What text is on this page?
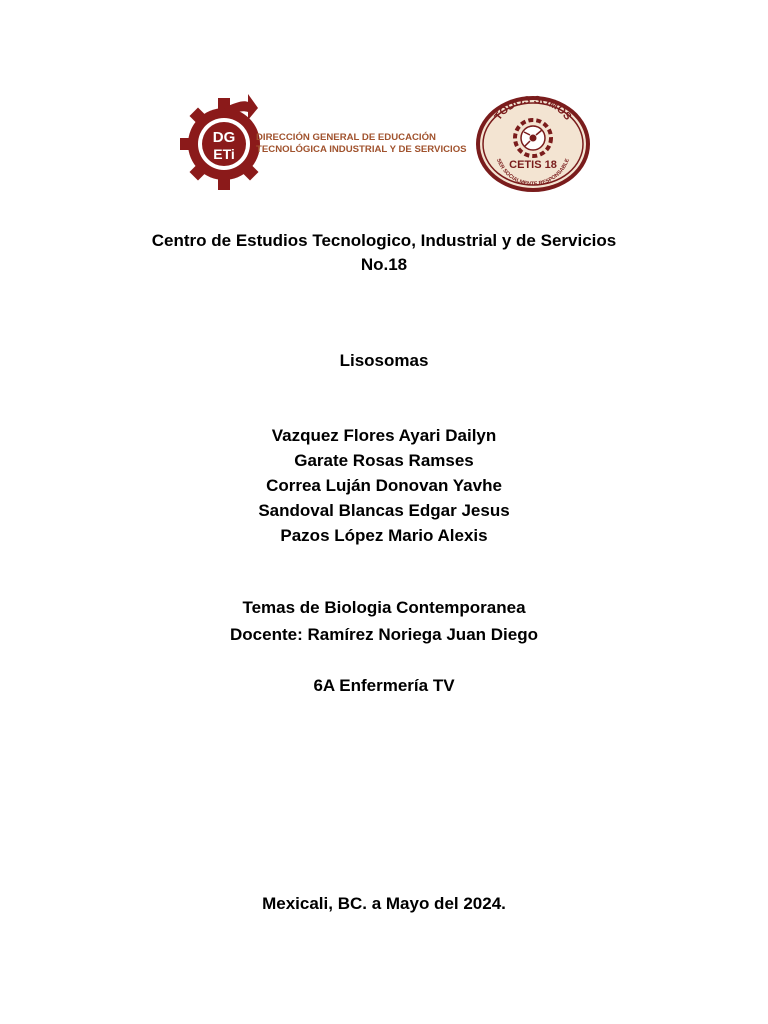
DG
ETi
DIRECCIÓN GENERAL DE EDUCACIÓN
TECNOLÓGICA INDUSTRIAL Y DE SERVICIOS
TODOS SOMOS
SER SOCIALMENTE RESPONSABLE
CETIS 18
Centro de Estudios Tecnologico, Industrial y de Servicios
No.18
Lisosomas
Vazquez Flores Ayari Dailyn
Garate Rosas Ramses
Correa Luján Donovan Yavhe
Sandoval Blancas Edgar Jesus
Pazos López Mario Alexis
Temas de Biologia Contemporanea
Docente: Ramírez Noriega Juan Diego
6A Enfermería TV
Mexicali, BC. a Mayo del 2024.
